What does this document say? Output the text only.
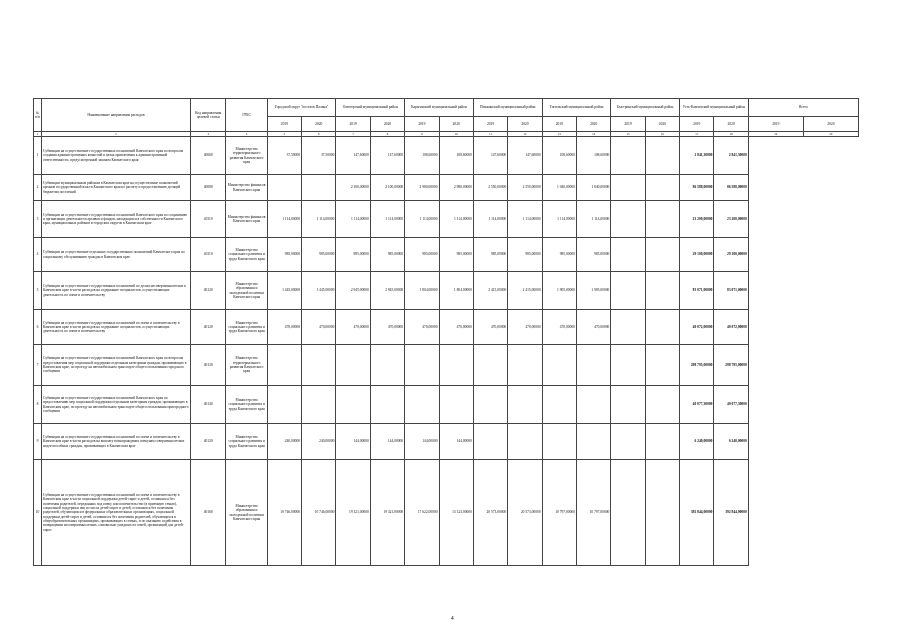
№ п/п	Наименование направления расходов	Код направления целевой статьи	ГРБС	Городской округ "поселок Палана"		Олюторский муниципальный район		Карагинский муниципальный район		Пенжинский муниципальный район		Тигильский муниципальный район		Быстринский муниципальный район		Усть-Камчатский муниципальный район		Всего	
				2019	2020	2019	2020	2019	2020	2019	2020	2019	2020	2019	2020	2019	2020	2019	2020
1	2	3	4	5	6	7	8	9	10	11	12	13	14	15	16	17	18	19	20
1	Субвенции на осуществление государственных полномочий Камчатского края по вопросам создания административных комиссий в целях привлечения к административной ответственности, предусмотренной законом Камчатского края	40060	Министерство территориального развития Камчатского края	37,50000	37,50000	147,60000	147,60000	108,60000	108,60000	147,60000	147,60000	108,60000	108,60000			2 841,30000	2 841,30000		
2	Субвенции муниципальным районам в Камчатском крае на осуществление полномочий органов государственной власти Камчатского края по расчету и предоставлению дотаций бюджетам поселений	40080	Министерство финансов Камчатского края			2 100,00000	2 100,00000	2 980,00000	2 980,00000	2 550,00000	2 550,00000	1 040,00000	1 040,00000			86 588,00000	86 588,00000		
3	Субвенции на осуществление государственных полномочий Камчатского края по сохранению и организации деятельности архивов и фондов, находящихся в собственности Камчатского края, муниципальных районов и городских округов в Камчатском крае	40110	Министерство финансов Камчатского края	1 114,00000	1 114,00000	1 114,00000	1 114,00000	1 114,00000	1 114,00000	1 114,00000	1 114,00000	1 114,00000	1 114,00000			23 200,00000	23 200,00000		
4	Субвенции на осуществление отдельных государственных полномочий Камчатского края по социальному обслуживанию граждан в Камчатском крае	40110	Министерство социального развития и труда Камчатского края	985,00000	985,00000	985,00000	985,00000	985,00000	985,00000	985,00000	985,00000	985,00000	985,00000			29 100,00000	29 100,00000		
5	Субвенции на осуществление государственных полномочий по делам несовершеннолетних в Камчатском крае в части расходов на содержание специалистов, осуществляющих деятельность по опеке и попечительству	40120	Министерство образования и молодежной политики Камчатского края	1 445,00000	1 445,00000	2 945,00000	2 945,00000	1 804,00000	1 804,00000	2 415,00000	2 415,00000	1 905,00000	1 905,00000			83 071,00000	83 071,00000		
6	Субвенции на осуществление государственных полномочий по опеке и попечительству в Камчатском крае в части расходов на содержание специалистов, осуществляющих деятельность по опеке и попечительству	40120	Министерство социального развития и труда Камчатского края	470,00000	470,00000	470,00000	470,00000	470,00000	470,00000	470,00000	470,00000	470,00000	470,00000			40 072,00000	40 072,00000		
7	Субвенции на осуществление государственных полномочий Камчатского края по вопросам предоставления мер социальной поддержки отдельным категориям граждан, проживающих в Камчатском крае, по проезду на автомобильном транспорте общего пользования городского сообщения	40130	Министерство территориального развития Камчатского края													298 795,00000	298 795,00000		
8	Субвенции на осуществление государственных полномочий Камчатского края по предоставлению мер социальной поддержки отдельным категориям граждан, проживающих в Камчатском крае, по проезду на автомобильном транспорте общего пользования пригородного сообщения	40140	Министерство социального развития и труда Камчатского края													40 077,30000	40 077,30000		
9	Субвенции на осуществление государственных полномочий по опеке и попечительству в Камчатском крае в части расходов на выплату вознаграждения опекунам совершеннолетних недееспособных граждан, проживающих в Камчатском крае	40120	Министерство социального развития и труда Камчатского края	240,00000	240,00000	144,00000	144,00000	144,00000	144,00000							6 240,00000	6 240,00000		
10	Субвенции на осуществление государственных полномочий по опеке и попечительству в Камчатском крае в части социальной поддержки детей-сирот и детей, оставшихся без попечения родителей, переданных под опеку или попечительство (в приемную семью), социальной поддержки лиц из числа детей-сирот и детей, оставшихся без попечения родителей, обучающихся в федеральных образовательных организациях, социальной поддержки детей-сирот и детей, оставшихся без попечения родителей, обучающихся в общеобразовательных организациях, проживающих в семьях, и по оказанию содействия в возвращении несовершеннолетних, самовольно ушедших из семей, организаций для детей-сирот	40160	Министерство образования и молодежной политики Камчатского края	10 746,00000	10 746,00000	19 321,00000	19 321,00000	17 622,00000	13 123,00000	20 573,00000	20 573,00000	10 797,00000	10 797,00000			392 844,00000	392 844,00000		
4
